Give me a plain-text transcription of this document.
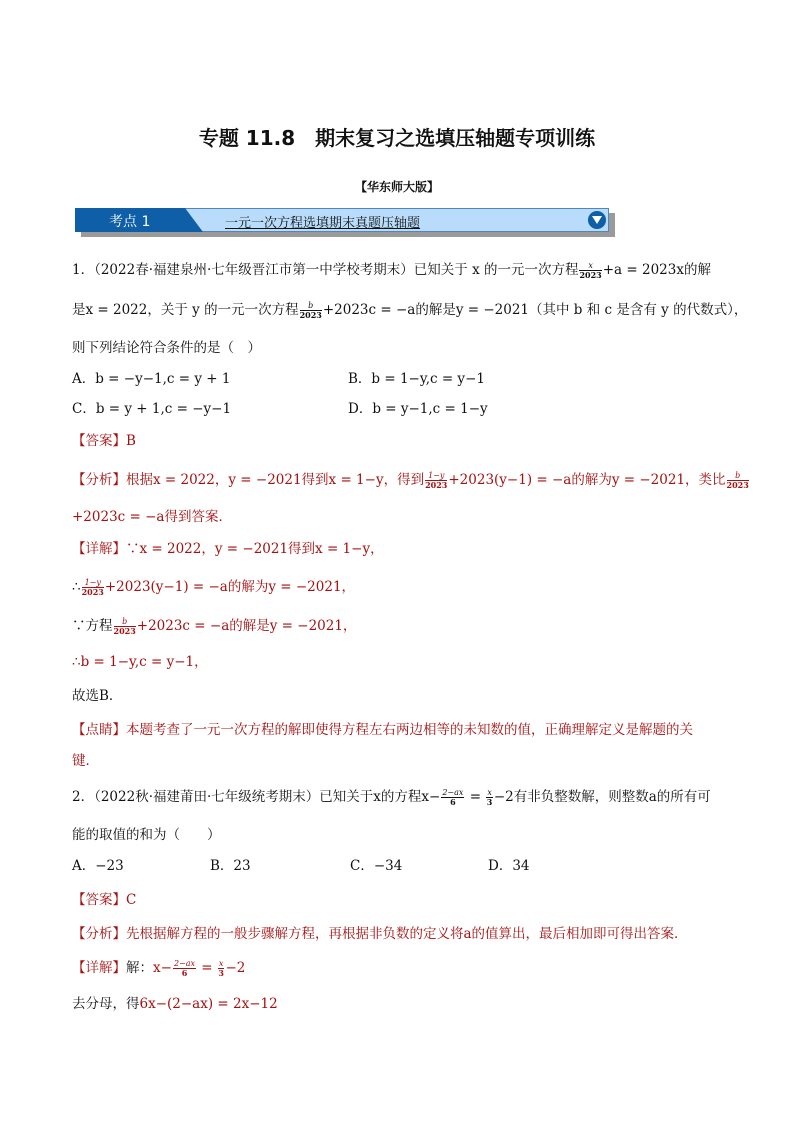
专题 11.8　期末复习之选填压轴题专项训练
【华东师大版】
考点 1	一元一次方程选填期末真题压轴题
1．（2022春·福建泉州·七年级晋江市第一中学校考期末）已知关于 x 的一元一次方程 $\frac{x}{2023} +a = 2023x$的解
是x = 2022，关于 y 的一元一次方程 $\frac{b}{2023} +2023c = -a$的解是y = −2021（其中 b 和 c 是含有 y 的代数式），
则下列结论符合条件的是（　）
【答案】B
【分析】根据x = 2022，y = −2021得到x = 1−y，得到 $\frac{1-y}{2023} +2023(y-1) = -a$的解为y = −2021，类比 $\frac{b}{2023}$
+2023c = −a得到答案．
【详解】∵x = 2022，y = −2021得到x = 1−y，
∴ $\frac{1-y}{2023} +2023(y-1) = -a$的解为y = −2021，
∵方程 $\frac{b}{2023} +2023c = -a$的解是y = −2021，
∴b = 1−y,c = y−1，
故选B．
【点睛】本题考查了一元一次方程的解即使得方程左右两边相等的未知数的值，正确理解定义是解题的关
键．
2．（2022秋·福建莆田·七年级统考期末）已知关于x的方程$x- \frac{2-ax}{6} = \frac{x}{3} -2$有非负整数解，则整数a的所有可
能的取值的和为（　　）
【答案】C
【分析】先根据解方程的一般步骤解方程，再根据非负数的定义将a的值算出，最后相加即可得出答案．
【详解】解：$x- \frac{2-ax}{6} = \frac{x}{3} -2$
去分母，得6x−(2−ax) = 2x−12
A．b = −y−1,c = y + 1	B．b = 1−y,c = y−1
C．b = y + 1,c = −y−1	D．b = y−1,c = 1−y
A．−23	B．23	C．−34	D．34
